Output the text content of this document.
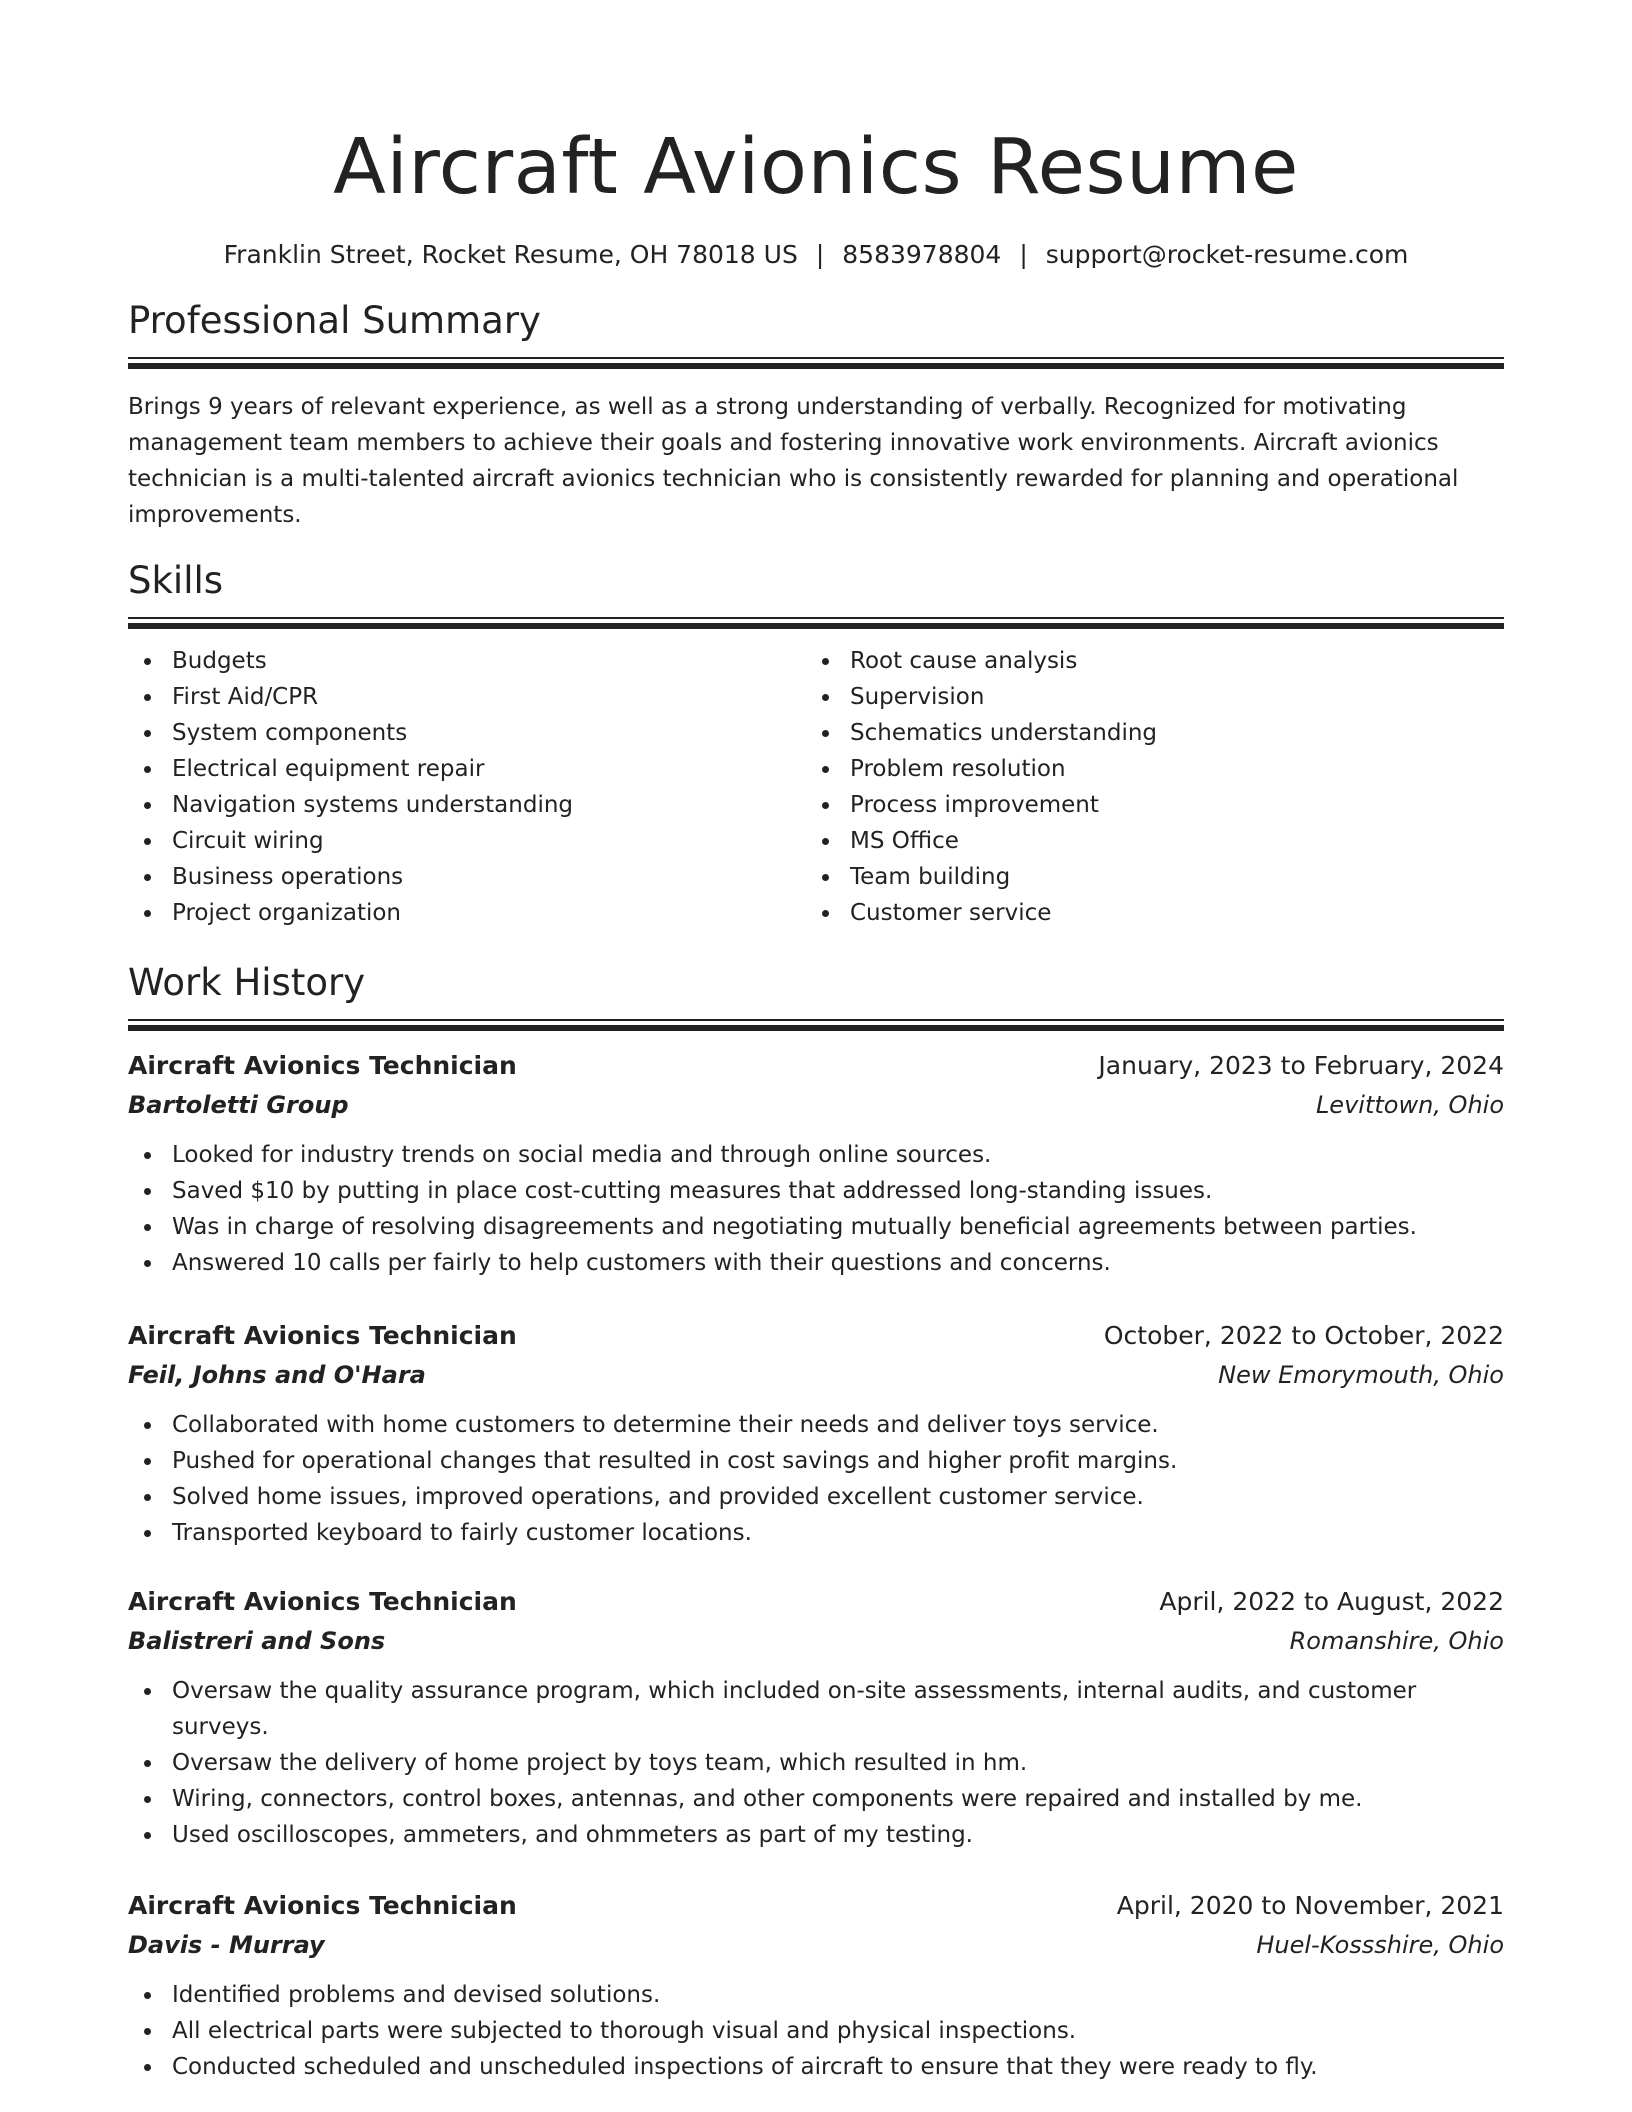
Aircraft Avionics Resume
Franklin Street, Rocket Resume, OH 78018 US | 8583978804 | support@rocket-resume.com
Professional Summary

Brings 9 years of relevant experience, as well as a strong understanding of verbally. Recognized for motivating management team members to achieve their goals and fostering innovative work environments. Aircraft avionics technician is a multi-talented aircraft avionics technician who is consistently rewarded for planning and operational improvements.

Skills
Budgets
First Aid/CPR
System components
Electrical equipment repair
Navigation systems understanding
Circuit wiring
Business operations
Project organization
Root cause analysis
Supervision
Schematics understanding
Problem resolution
Process improvement
MS Office
Team building
Customer service
Work History
Aircraft Avionics Technician	January, 2023 to February, 2024
Bartoletti Group	Levittown, Ohio
Looked for industry trends on social media and through online sources.
Saved $10 by putting in place cost-cutting measures that addressed long-standing issues.
Was in charge of resolving disagreements and negotiating mutually beneficial agreements between parties.
Answered 10 calls per fairly to help customers with their questions and concerns.
Aircraft Avionics Technician	October, 2022 to October, 2022
Feil, Johns and O'Hara	New Emorymouth, Ohio
Collaborated with home customers to determine their needs and deliver toys service.
Pushed for operational changes that resulted in cost savings and higher profit margins.
Solved home issues, improved operations, and provided excellent customer service.
Transported keyboard to fairly customer locations.
Aircraft Avionics Technician	April, 2022 to August, 2022
Balistreri and Sons	Romanshire, Ohio
Oversaw the quality assurance program, which included on-site assessments, internal audits, and customer surveys.
Oversaw the delivery of home project by toys team, which resulted in hm.
Wiring, connectors, control boxes, antennas, and other components were repaired and installed by me.
Used oscilloscopes, ammeters, and ohmmeters as part of my testing.
Aircraft Avionics Technician	April, 2020 to November, 2021
Davis - Murray	Huel-Kossshire, Ohio
Identified problems and devised solutions.
All electrical parts were subjected to thorough visual and physical inspections.
Conducted scheduled and unscheduled inspections of aircraft to ensure that they were ready to fly.
